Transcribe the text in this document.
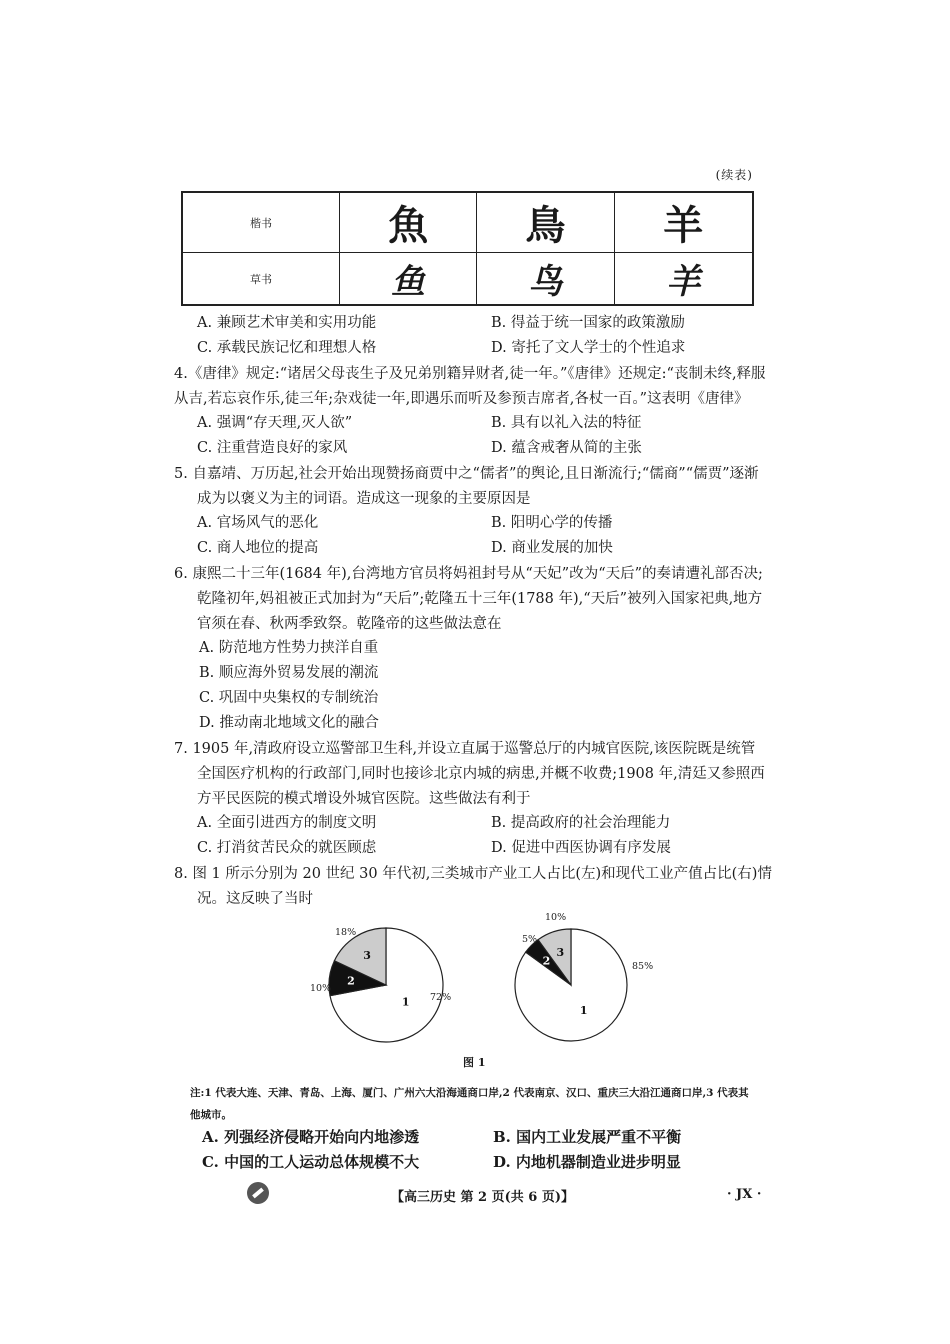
(续表)
楷书	魚	鳥	羊
草书	鱼	鸟	羊
A. 兼顾艺术审美和实用功能	B. 得益于统一国家的政策激励
C. 承载民族记忆和理想人格	D. 寄托了文人学士的个性追求

4.《唐律》规定:“诸居父母丧生子及兄弟别籍异财者,徒一年。”《唐律》还规定:“丧制未终,释服

从吉,若忘哀作乐,徒三年;杂戏徒一年,即遇乐而听及参预吉席者,各杖一百。”这表明《唐律》

A. 强调“存天理,灭人欲”	B. 具有以礼入法的特征
C. 注重营造良好的家风	D. 蕴含戒奢从简的主张

5. 自嘉靖、万历起,社会开始出现赞扬商贾中之“儒者”的舆论,且日渐流行;“儒商”“儒贾”逐渐

成为以褒义为主的词语。造成这一现象的主要原因是

A. 官场风气的恶化	B. 阳明心学的传播
C. 商人地位的提高	D. 商业发展的加快

6. 康熙二十三年(1684 年),台湾地方官员将妈祖封号从“天妃”改为“天后”的奏请遭礼部否决;

乾隆初年,妈祖被正式加封为“天后”;乾隆五十三年(1788 年),“天后”被列入国家祀典,地方

官须在春、秋两季致祭。乾隆帝的这些做法意在

A. 防范地方性势力挟洋自重
B. 顺应海外贸易发展的潮流
C. 巩固中央集权的专制统治
D. 推动南北地域文化的融合

7. 1905 年,清政府设立巡警部卫生科,并设立直属于巡警总厅的内城官医院,该医院既是统管

全国医疗机构的行政部门,同时也接诊北京内城的病患,并概不收费;1908 年,清廷又参照西

方平民医院的模式增设外城官医院。这些做法有利于

A. 全面引进西方的制度文明	B. 提高政府的社会治理能力
C. 打消贫苦民众的就医顾虑	D. 促进中西医协调有序发展

8. 图 1 所示分别为 20 世纪 30 年代初,三类城市产业工人占比(左)和现代工业产值占比(右)情

况。这反映了当时

1 72%
2
10%
3
18%
1
85%
2
5%
3
10%
图 1

注:1 代表大连、天津、青岛、上海、厦门、广州六大沿海通商口岸,2 代表南京、汉口、重庆三大沿江通商口岸,3 代表其

他城市。

A. 列强经济侵略开始向内地渗透	B. 国内工业发展严重不平衡
C. 中国的工人运动总体规模不大	D. 内地机器制造业进步明显
【高三历史 第 2 页(共 6 页)】	· JX ·
